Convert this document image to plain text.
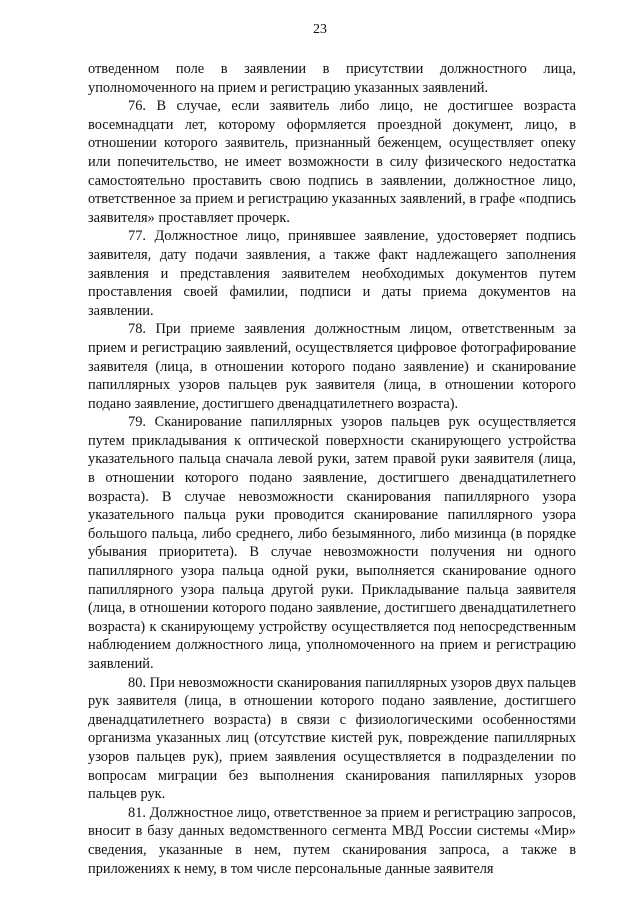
23

отведенном поле в заявлении в присутствии должностного лица, уполномоченного на прием и регистрацию указанных заявлений.

76. В случае, если заявитель либо лицо, не достигшее возраста восемнадцати лет, которому оформляется проездной документ, лицо, в отношении которого заявитель, признанный беженцем, осуществляет опеку или попечительство, не имеет возможности в силу физического недостатка самостоятельно проставить свою подпись в заявлении, должностное лицо, ответственное за прием и регистрацию указанных заявлений, в графе «подпись заявителя» проставляет прочерк.

77. Должностное лицо, принявшее заявление, удостоверяет подпись заявителя, дату подачи заявления, а также факт надлежащего заполнения заявления и представления заявителем необходимых документов путем проставления своей фамилии, подписи и даты приема документов на заявлении.

78. При приеме заявления должностным лицом, ответственным за прием и регистрацию заявлений, осуществляется цифровое фотографирование заявителя (лица, в отношении которого подано заявление) и сканирование папиллярных узоров пальцев рук заявителя (лица, в отношении которого подано заявление, достигшего двенадцатилетнего возраста).

79. Сканирование папиллярных узоров пальцев рук осуществляется путем прикладывания к оптической поверхности сканирующего устройства указательного пальца сначала левой руки, затем правой руки заявителя (лица, в отношении которого подано заявление, достигшего двенадцатилетнего возраста). В случае невозможности сканирования папиллярного узора указательного пальца руки проводится сканирование папиллярного узора большого пальца, либо среднего, либо безымянного, либо мизинца (в порядке убывания приоритета). В случае невозможности получения ни одного папиллярного узора пальца одной руки, выполняется сканирование одного папиллярного узора пальца другой руки. Прикладывание пальца заявителя (лица, в отношении которого подано заявление, достигшего двенадцатилетнего возраста) к сканирующему устройству осуществляется под непосредственным наблюдением должностного лица, уполномоченного на прием и регистрацию заявлений.

80. При невозможности сканирования папиллярных узоров двух пальцев рук заявителя (лица, в отношении которого подано заявление, достигшего двенадцатилетнего возраста) в связи с физиологическими особенностями организма указанных лиц (отсутствие кистей рук, повреждение папиллярных узоров пальцев рук), прием заявления осуществляется в подразделении по вопросам миграции без выполнения сканирования папиллярных узоров пальцев рук.

81. Должностное лицо, ответственное за прием и регистрацию запросов, вносит в базу данных ведомственного сегмента МВД России системы «Мир» сведения, указанные в нем, путем сканирования запроса, а также в приложениях к нему, в том числе персональные данные заявителя
